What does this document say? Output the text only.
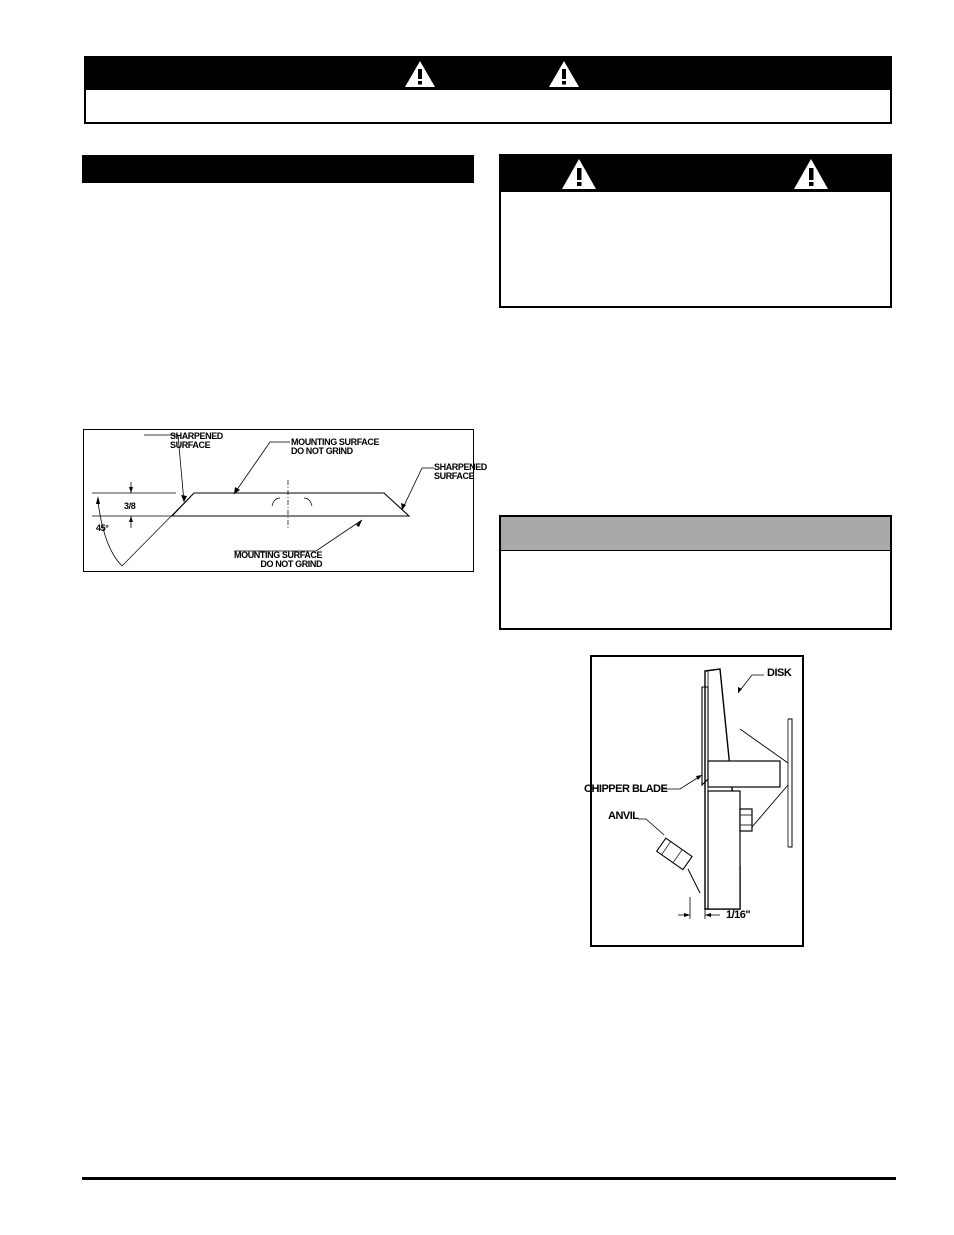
SHARPENED
SURFACE	MOUNTING SURFACE
DO NOT GRIND
SHARPENED
SURFACE
3/8
45°
MOUNTING SURFACE
DO NOT GRIND
DISK
CHIPPER BLADE
ANVIL
1/16"
